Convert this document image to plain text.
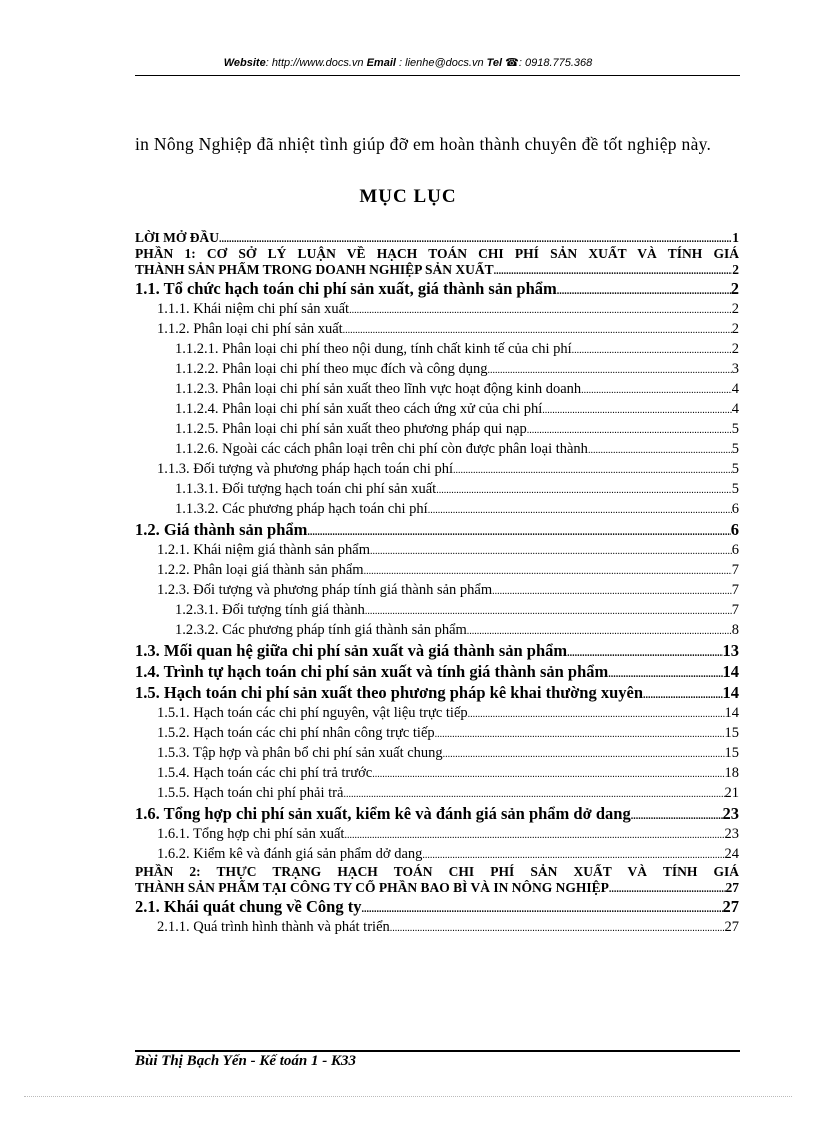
Website: http://www.docs.vn Email : lienhe@docs.vn Tel ☎: 0918.775.368
in Nông Nghiệp đã nhiệt tình giúp đỡ em hoàn thành chuyên đề tốt nghiệp này.
MỤC LỤC
LỜI MỞ ĐẦU .....	1
PHẦN 1: CƠ SỞ LÝ LUẬN VỀ HẠCH TOÁN CHI PHÍ SẢN XUẤT VÀ TÍNH GIÁ
THÀNH SẢN PHẨM TRONG DOANH NGHIỆP SẢN XUẤT .....	2
1.1. Tổ chức hạch toán chi phí sản xuất, giá thành sản phẩm .....	2
1.1.1. Khái niệm chi phí sản xuất .....	2
1.1.2. Phân loại chi phí sản xuất .....	2
1.1.2.1. Phân loại chi phí theo nội dung, tính chất kinh tế của chi phí .....	2
1.1.2.2. Phân loại chi phí theo mục đích và công dụng .....	3
1.1.2.3. Phân loại chi phí sản xuất theo lĩnh vực hoạt động kinh doanh .....	4
1.1.2.4. Phân loại chi phí sản xuất theo cách ứng xử của chi phí .....	4
1.1.2.5. Phân loại chi phí sản xuất theo phương pháp qui nạp .....	5
1.1.2.6. Ngoài các cách phân loại trên chi phí còn được phân loại thành .....	5
1.1.3. Đối tượng và phương pháp hạch toán chi phí .....	5
1.1.3.1. Đối tượng hạch toán chi phí sản xuất .....	5
1.1.3.2. Các phương pháp hạch toán chi phí .....	6
1.2. Giá thành sản phẩm .....	6
1.2.1. Khái niệm giá thành sản phẩm .....	6
1.2.2. Phân loại giá thành sản phẩm .....	7
1.2.3. Đối tượng và phương pháp tính giá thành sản phẩm .....	7
1.2.3.1. Đối tượng tính giá thành .....	7
1.2.3.2. Các phương pháp tính giá thành sản phẩm .....	8
1.3. Mối quan hệ giữa chi phí sản xuất và giá thành sản phẩm .....	13
1.4. Trình tự hạch toán chi phí sản xuất và tính giá thành sản phẩm .....	14
1.5. Hạch toán chi phí sản xuất theo phương pháp kê khai thường xuyên .....	14
1.5.1. Hạch toán các chi phí nguyên, vật liệu trực tiếp .....	14
1.5.2. Hạch toán các chi phí nhân công trực tiếp .....	15
1.5.3. Tập hợp và phân bổ chi phí sản xuất chung .....	15
1.5.4. Hạch toán các chi phí trả trước .....	18
1.5.5. Hạch toán chi phí phải trả .....	21
1.6. Tổng hợp chi phí sản xuất, kiểm kê và đánh giá sản phẩm dở dang .....	23
1.6.1. Tổng hợp chi phí sản xuất .....	23
1.6.2. Kiểm kê và đánh giá sản phẩm dở dang .....	24
PHẦN 2: THỰC TRẠNG HẠCH TOÁN CHI PHÍ SẢN XUẤT VÀ TÍNH GIÁ
THÀNH SẢN PHẨM TẠI CÔNG TY CỔ PHẦN BAO BÌ VÀ IN NÔNG NGHIỆP .....	27
2.1. Khái quát chung về Công ty .....	27
2.1.1. Quá trình hình thành và phát triển .....	27
Bùi Thị Bạch Yến - Kế toán 1 - K33
